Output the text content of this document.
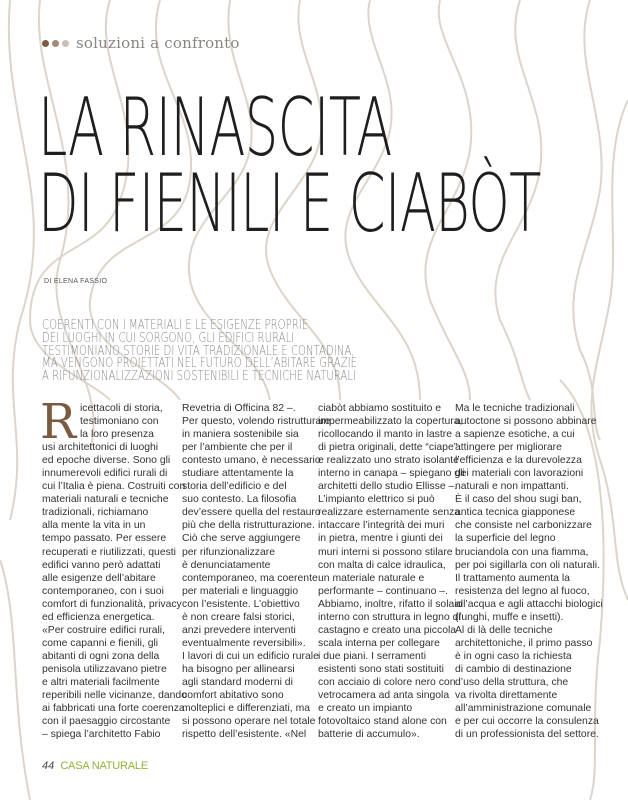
soluzioni a confronto
LA RINASCITA
DI FIENILI E CIABÒT
DI ELENA FASSIO
COERENTI CON I MATERIALI E LE ESIGENZE PROPRIE
DEI LUOGHI IN CUI SORGONO, GLI EDIFICI RURALI
TESTIMONIANO STORIE DI VITA TRADIZIONALE E CONTADINA,
MA VENGONO PROIETTATI NEL FUTURO DELL’ABITARE GRAZIE
A RIFUNZIONALIZZAZIONI SOSTENIBILI E TECNICHE NATURALI
R icettacoli di storia,
testimoniano con
la loro presenza
usi architettonici di luoghi
ed epoche diverse. Sono gli
innumerevoli edifici rurali di
cui l’Italia è piena. Costruiti con
materiali naturali e tecniche
tradizionali, richiamano
alla mente la vita in un
tempo passato. Per essere
recuperati e riutilizzati, questi
edifici vanno però adattati
alle esigenze dell’abitare
contemporaneo, con i suoi
comfort di funzionalità, privacy
ed efficienza energetica.
«Per costruire edifici rurali,
come capanni e fienili, gli
abitanti di ogni zona della
penisola utilizzavano pietre
e altri materiali facilmente
reperibili nelle vicinanze, dando
ai fabbricati una forte coerenza
con il paesaggio circostante
– spiega l’architetto Fabio
Revetria di Officina 82 –.
Per questo, volendo ristrutturare
in maniera sostenibile sia
per l’ambiente che per il
contesto umano, è necessario
studiare attentamente la
storia dell’edificio e del
suo contesto. La filosofia
dev’essere quella del restauro
più che della ristrutturazione.
Ciò che serve aggiungere
per rifunzionalizzare
è denunciatamente
contemporaneo, ma coerente
per materiali e linguaggio
con l’esistente. L’obiettivo
è non creare falsi storici,
anzi prevedere interventi
eventualmente reversibili».
I lavori di cui un edificio rurale
ha bisogno per allinearsi
agli standard moderni di
comfort abitativo sono
molteplici e differenziati, ma
si possono operare nel totale
rispetto dell’esistente. «Nel
ciabòt abbiamo sostituito e
impermeabilizzato la copertura,
ricollocando il manto in lastre
di pietra originali, dette “ciape”
e realizzato uno strato isolante
interno in canapa – spiegano gli
architetti dello studio Ellisse –.
L’impianto elettrico si può
realizzare esternamente senza
intaccare l’integrità dei muri
in pietra, mentre i giunti dei
muri interni si possono stilare
con malta di calce idraulica,
un materiale naturale e
performante – continuano –.
Abbiamo, inoltre, rifatto il solaio
interno con struttura in legno di
castagno e creato una piccola
scala interna per collegare
i due piani. I serramenti
esistenti sono stati sostituiti
con acciaio di colore nero con
vetrocamera ad anta singola
e creato un impianto
fotovoltaico stand alone con
batterie di accumulo».
Ma le tecniche tradizionali
autoctone si possono abbinare
a sapienze esotiche, a cui
attingere per migliorare
l’efficienza e la durevolezza
dei materiali con lavorazioni
naturali e non impattanti.
È il caso del shou sugi ban,
antica tecnica giapponese
che consiste nel carbonizzare
la superficie del legno
bruciandola con una fiamma,
per poi sigillarla con oli naturali.
Il trattamento aumenta la
resistenza del legno al fuoco,
all’acqua e agli attacchi biologici
(funghi, muffe e insetti).
Al di là delle tecniche
architettoniche, il primo passo
è in ogni caso la richiesta
di cambio di destinazione
d’uso della struttura, che
va rivolta direttamente
all’amministrazione comunale
e per cui occorre la consulenza
di un professionista del settore.
44 CASA NATURALE
